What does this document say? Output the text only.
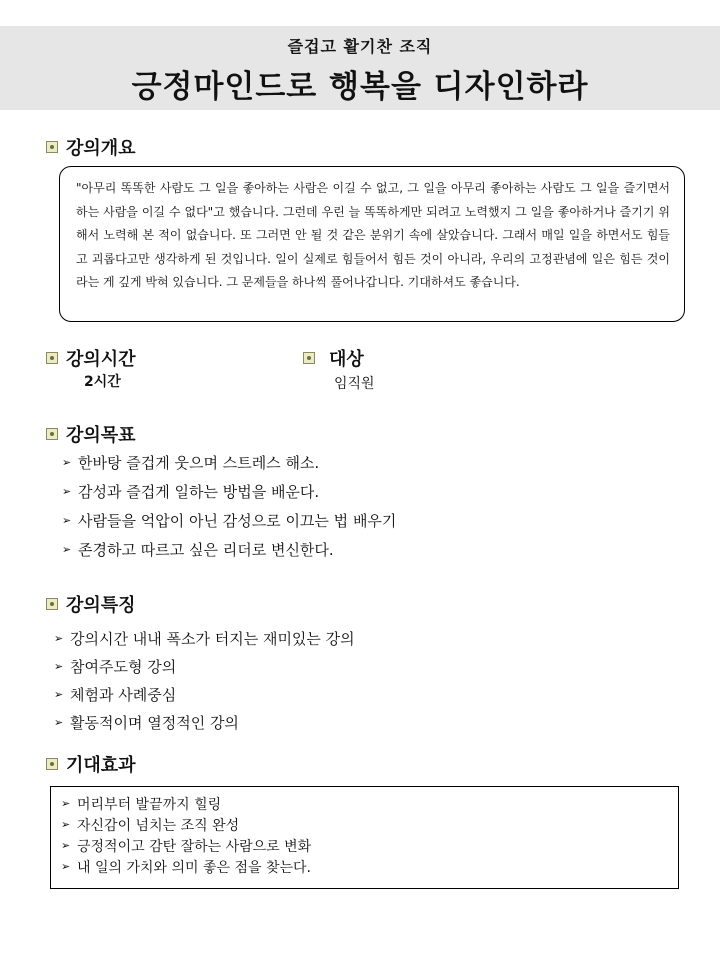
즐겁고 활기찬 조직
긍정마인드로 행복을 디자인하라
강의개요
"아무리 똑똑한 사람도 그 일을 좋아하는 사람은 이길 수 없고, 그 일을 아무리 좋아하는 사람도 그 일을 즐기면서 하는 사람을 이길 수 없다"고 했습니다. 그런데 우린 늘 똑똑하게만 되려고 노력했지 그 일을 좋아하거나 즐기기 위해서 노력해 본 적이 없습니다. 또 그러면 안 될 것 같은 분위기 속에 살았습니다. 그래서 매일 일을 하면서도 힘들고 괴롭다고만 생각하게 된 것입니다. 일이 실제로 힘들어서 힘든 것이 아니라, 우리의 고정관념에 일은 힘든 것이라는 게 깊게 박혀 있습니다. 그 문제들을 하나씩 풀어나갑니다. 기대하셔도 좋습니다.
강의시간
2시간
대상
임직원
강의목표
➢ 한바탕 즐겁게 웃으며 스트레스 해소.
➢ 감성과 즐겁게 일하는 방법을 배운다.
➢ 사람들을 억압이 아닌 감성으로 이끄는 법 배우기
➢ 존경하고 따르고 싶은 리더로 변신한다.
강의특징
➢ 강의시간 내내 폭소가 터지는 재미있는 강의
➢ 참여주도형 강의
➢ 체험과 사례중심
➢ 활동적이며 열정적인 강의
기대효과
➢ 머리부터 발끝까지 힐링
➢ 자신감이 넘치는 조직 완성
➢ 긍정적이고 감탄 잘하는 사람으로 변화
➢ 내 일의 가치와 의미 좋은 점을 찾는다.
